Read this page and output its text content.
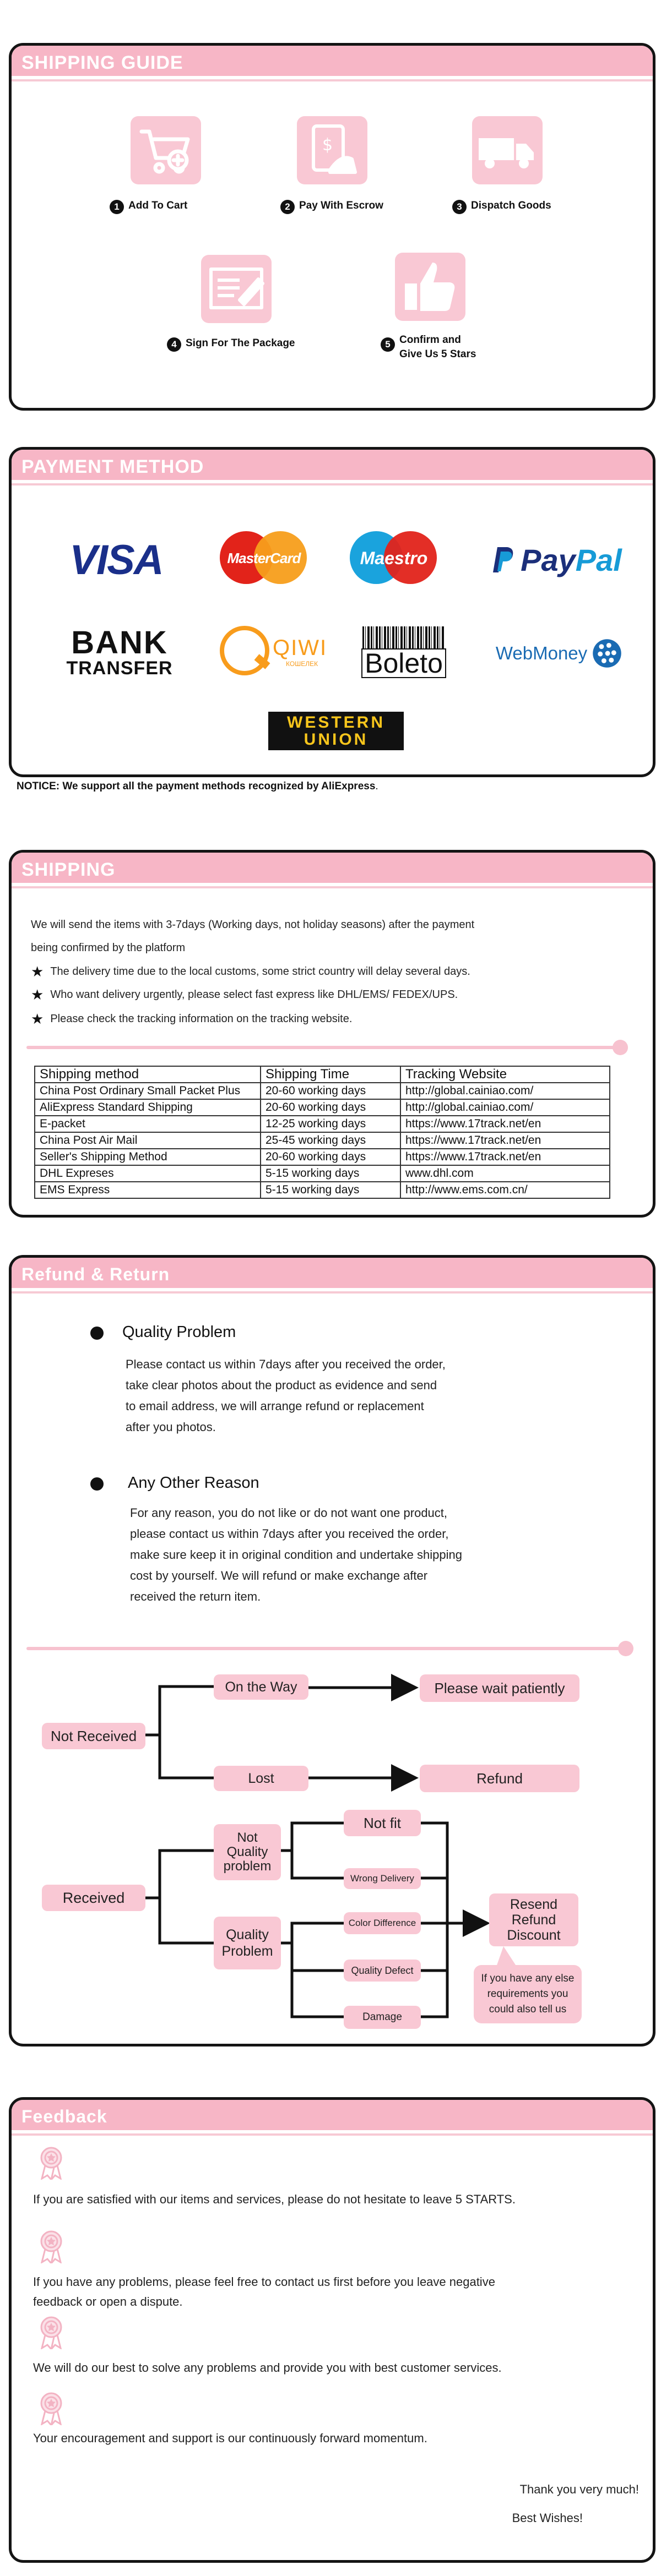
SHIPPING GUIDE
1 Add To Cart
$
2 Pay With Escrow	3 Dispatch Goods
4 Sign For The Package	5 Confirm and
Give Us 5 Stars
PAYMENT METHOD
VISA	MasterCard	Maestro	Pay Pal
BANK
TRANSFER
QIWI
КОШЕЛЕК Boleto	WebMoney
WESTERN
UNION
NOTICE: We support all the payment methods recognized by AliExpress.
SHIPPING
We will send the items with 3-7days (Working days, not holiday seasons) after the payment
being confirmed by the platform
★ The delivery time due to the local customs, some strict country will delay several days.
★ Who want delivery urgently, please select fast express like DHL/EMS/ FEDEX/UPS.
★ Please check the tracking information on the tracking website.
Shipping method	Shipping Time	Tracking Website
China Post Ordinary Small Packet Plus	20-60 working days	http://global.cainiao.com/
AliExpress Standard Shipping	20-60 working days	http://global.cainiao.com/
E-packet	12-25 working days	https://www.17track.net/en
China Post Air Mail	25-45 working days	https://www.17track.net/en
Seller's Shipping Method	20-60 working days	https://www.17track.net/en
DHL Expreses	5-15 working days	www.dhl.com
EMS Express	5-15 working days	http://www.ems.com.cn/
Refund & Return
Quality Problem
Please contact us within 7days after you received the order,
take clear photos about the product as evidence and send
to email address, we will arrange refund or replacement
after you photos.
Any Other Reason
For any reason, you do not like or do not want one product,
please contact us within 7days after you received the order,
make sure keep it in original condition and undertake shipping
cost by yourself. We will refund or make exchange after
received the return item.
Not Received
On the Way	Please wait patiently
Lost	Refund
Received
Not
Quality
problem
Quality
Problem
Not fit
Wrong Delivery
Color Difference
Quality Defect
Damage
Resend
Refund
Discount
If you have any else
requirements you
could also tell us
Feedback
If you are satisfied with our items and services, please do not hesitate to leave 5 STARTS.
If you have any problems, please feel free to contact us first before you leave negative
feedback or open a dispute.
We will do our best to solve any problems and provide you with best customer services.
Your encouragement and support is our continuously forward momentum.
Thank you very much!
Best Wishes!
